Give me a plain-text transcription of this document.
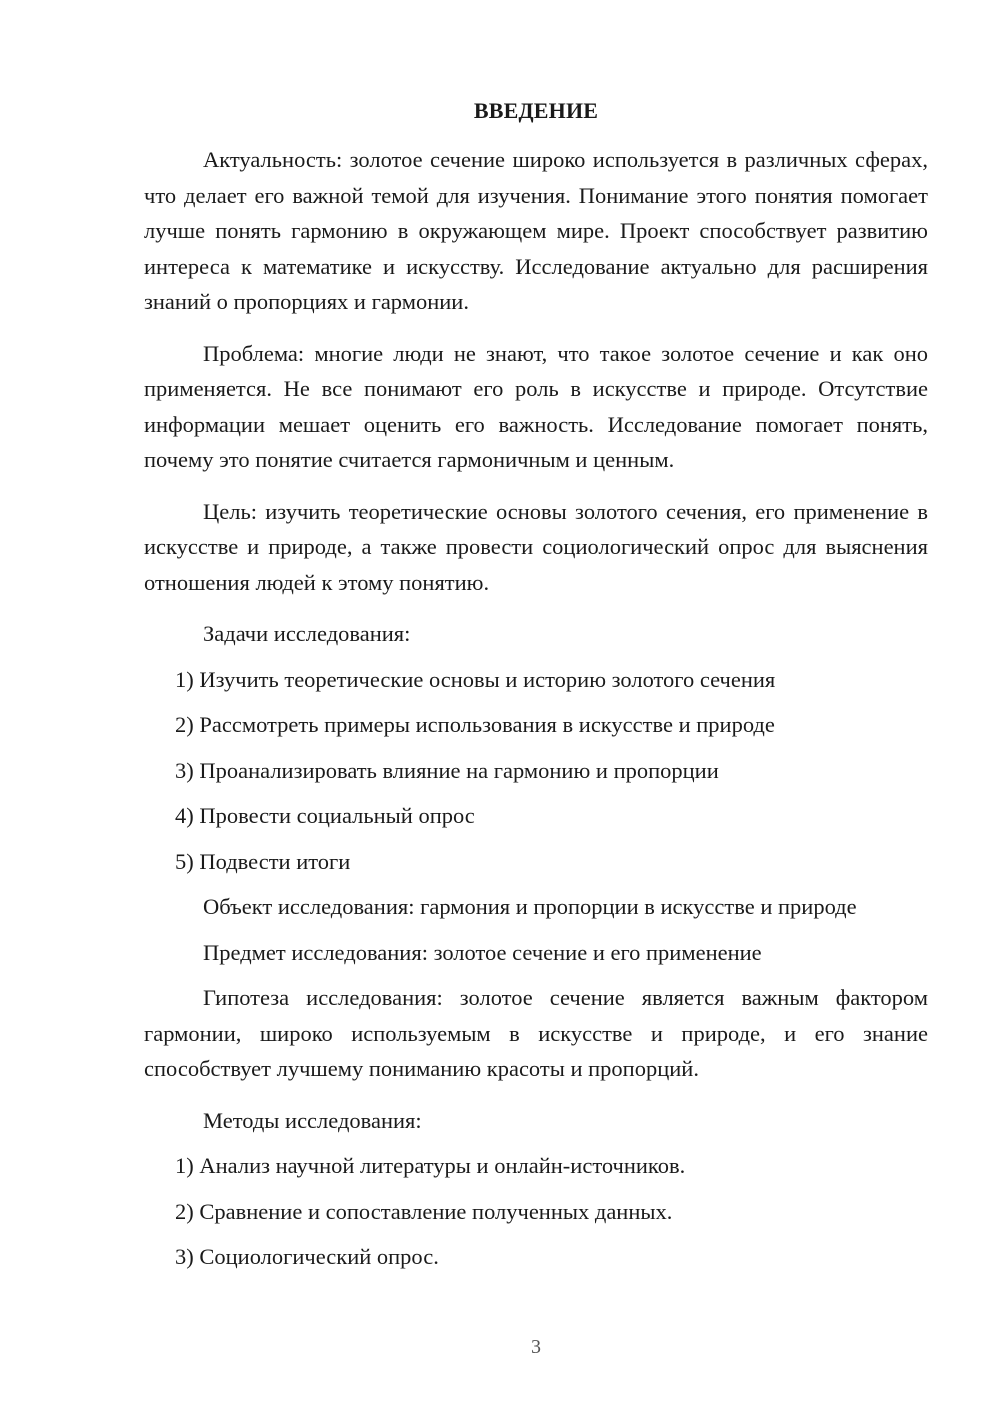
ВВЕДЕНИЕ

Актуальность: золотое сечение широко используется в различных сферах, что делает его важной темой для изучения. Понимание этого понятия помогает лучше понять гармонию в окружающем мире. Проект способствует развитию интереса к математике и искусству. Исследование актуально для расширения знаний о пропорциях и гармонии.

Проблема: многие люди не знают, что такое золотое сечение и как оно применяется. Не все понимают его роль в искусстве и природе. Отсутствие информации мешает оценить его важность. Исследование помогает понять, почему это понятие считается гармоничным и ценным.

Цель: изучить теоретические основы золотого сечения, его применение в искусстве и природе, а также провести социологический опрос для выяснения отношения людей к этому понятию.

Задачи исследования:

1) Изучить теоретические основы и историю золотого сечения
2) Рассмотреть примеры использования в искусстве и природе
3) Проанализировать влияние на гармонию и пропорции
4) Провести социальный опрос
5) Подвести итоги

Объект исследования: гармония и пропорции в искусстве и природе

Предмет исследования: золотое сечение и его применение

Гипотеза исследования: золотое сечение является важным фактором гармонии, широко используемым в искусстве и природе, и его знание способствует лучшему пониманию красоты и пропорций.

Методы исследования:

1) Анализ научной литературы и онлайн-источников.
2) Сравнение и сопоставление полученных данных.
3) Социологический опрос.
3
